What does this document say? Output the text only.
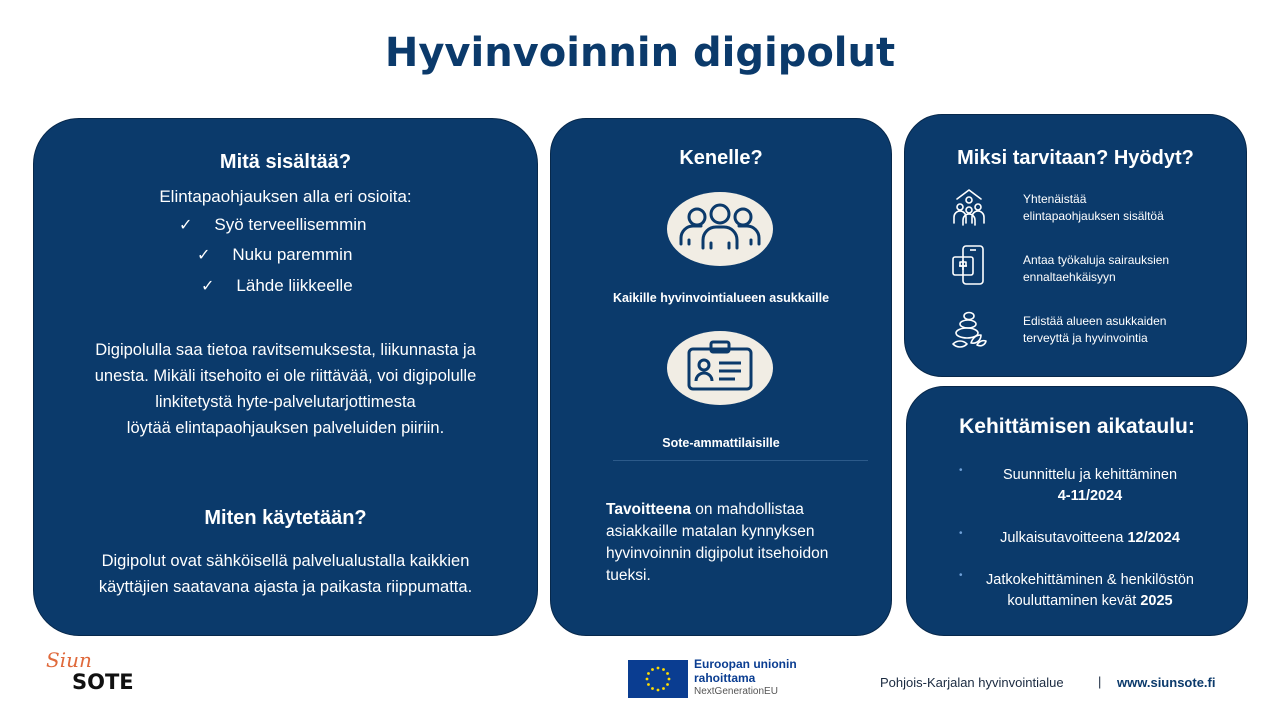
Hyvinvoinnin digipolut
Mitä sisältää?
Elintapaohjauksen alla eri osioita:
✓ Syö terveellisemmin
✓ Nuku paremmin
✓ Lähde liikkeelle
Digipolulla saa tietoa ravitsemuksesta, liikunnasta ja
unesta. Mikäli itsehoito ei ole riittävää, voi digipolulle
linkitetystä hyte-palvelutarjottimesta
löytää elintapaohjauksen palveluiden piiriin.
Miten käytetään?
Digipolut ovat sähköisellä palvelualustalla kaikkien
käyttäjien saatavana ajasta ja paikasta riippumatta.
Kenelle?
Kaikille hyvinvointialueen asukkaille
Sote-ammattilaisille
Tavoitteena on mahdollistaa
asiakkaille matalan kynnyksen
hyvinvoinnin digipolut itsehoidon
tueksi.
Miksi tarvitaan? Hyödyt?
Yhtenäistää
elintapaohjauksen sisältöä
Antaa työkaluja sairauksien
ennaltaehkäisyyn
Edistää alueen asukkaiden
terveyttä ja hyvinvointia
Kehittämisen aikataulu:
•	Suunnittelu ja kehittäminen
4-11/2024
•	Julkaisutavoitteena 12/2024
•	Jatkokehittäminen & henkilöstön
kouluttaminen kevät 2025
Siun
SOTE
Euroopan unionin
rahoittama
NextGenerationEU
Pohjois-Karjalan hyvinvointialue	| www.siunsote.fi
